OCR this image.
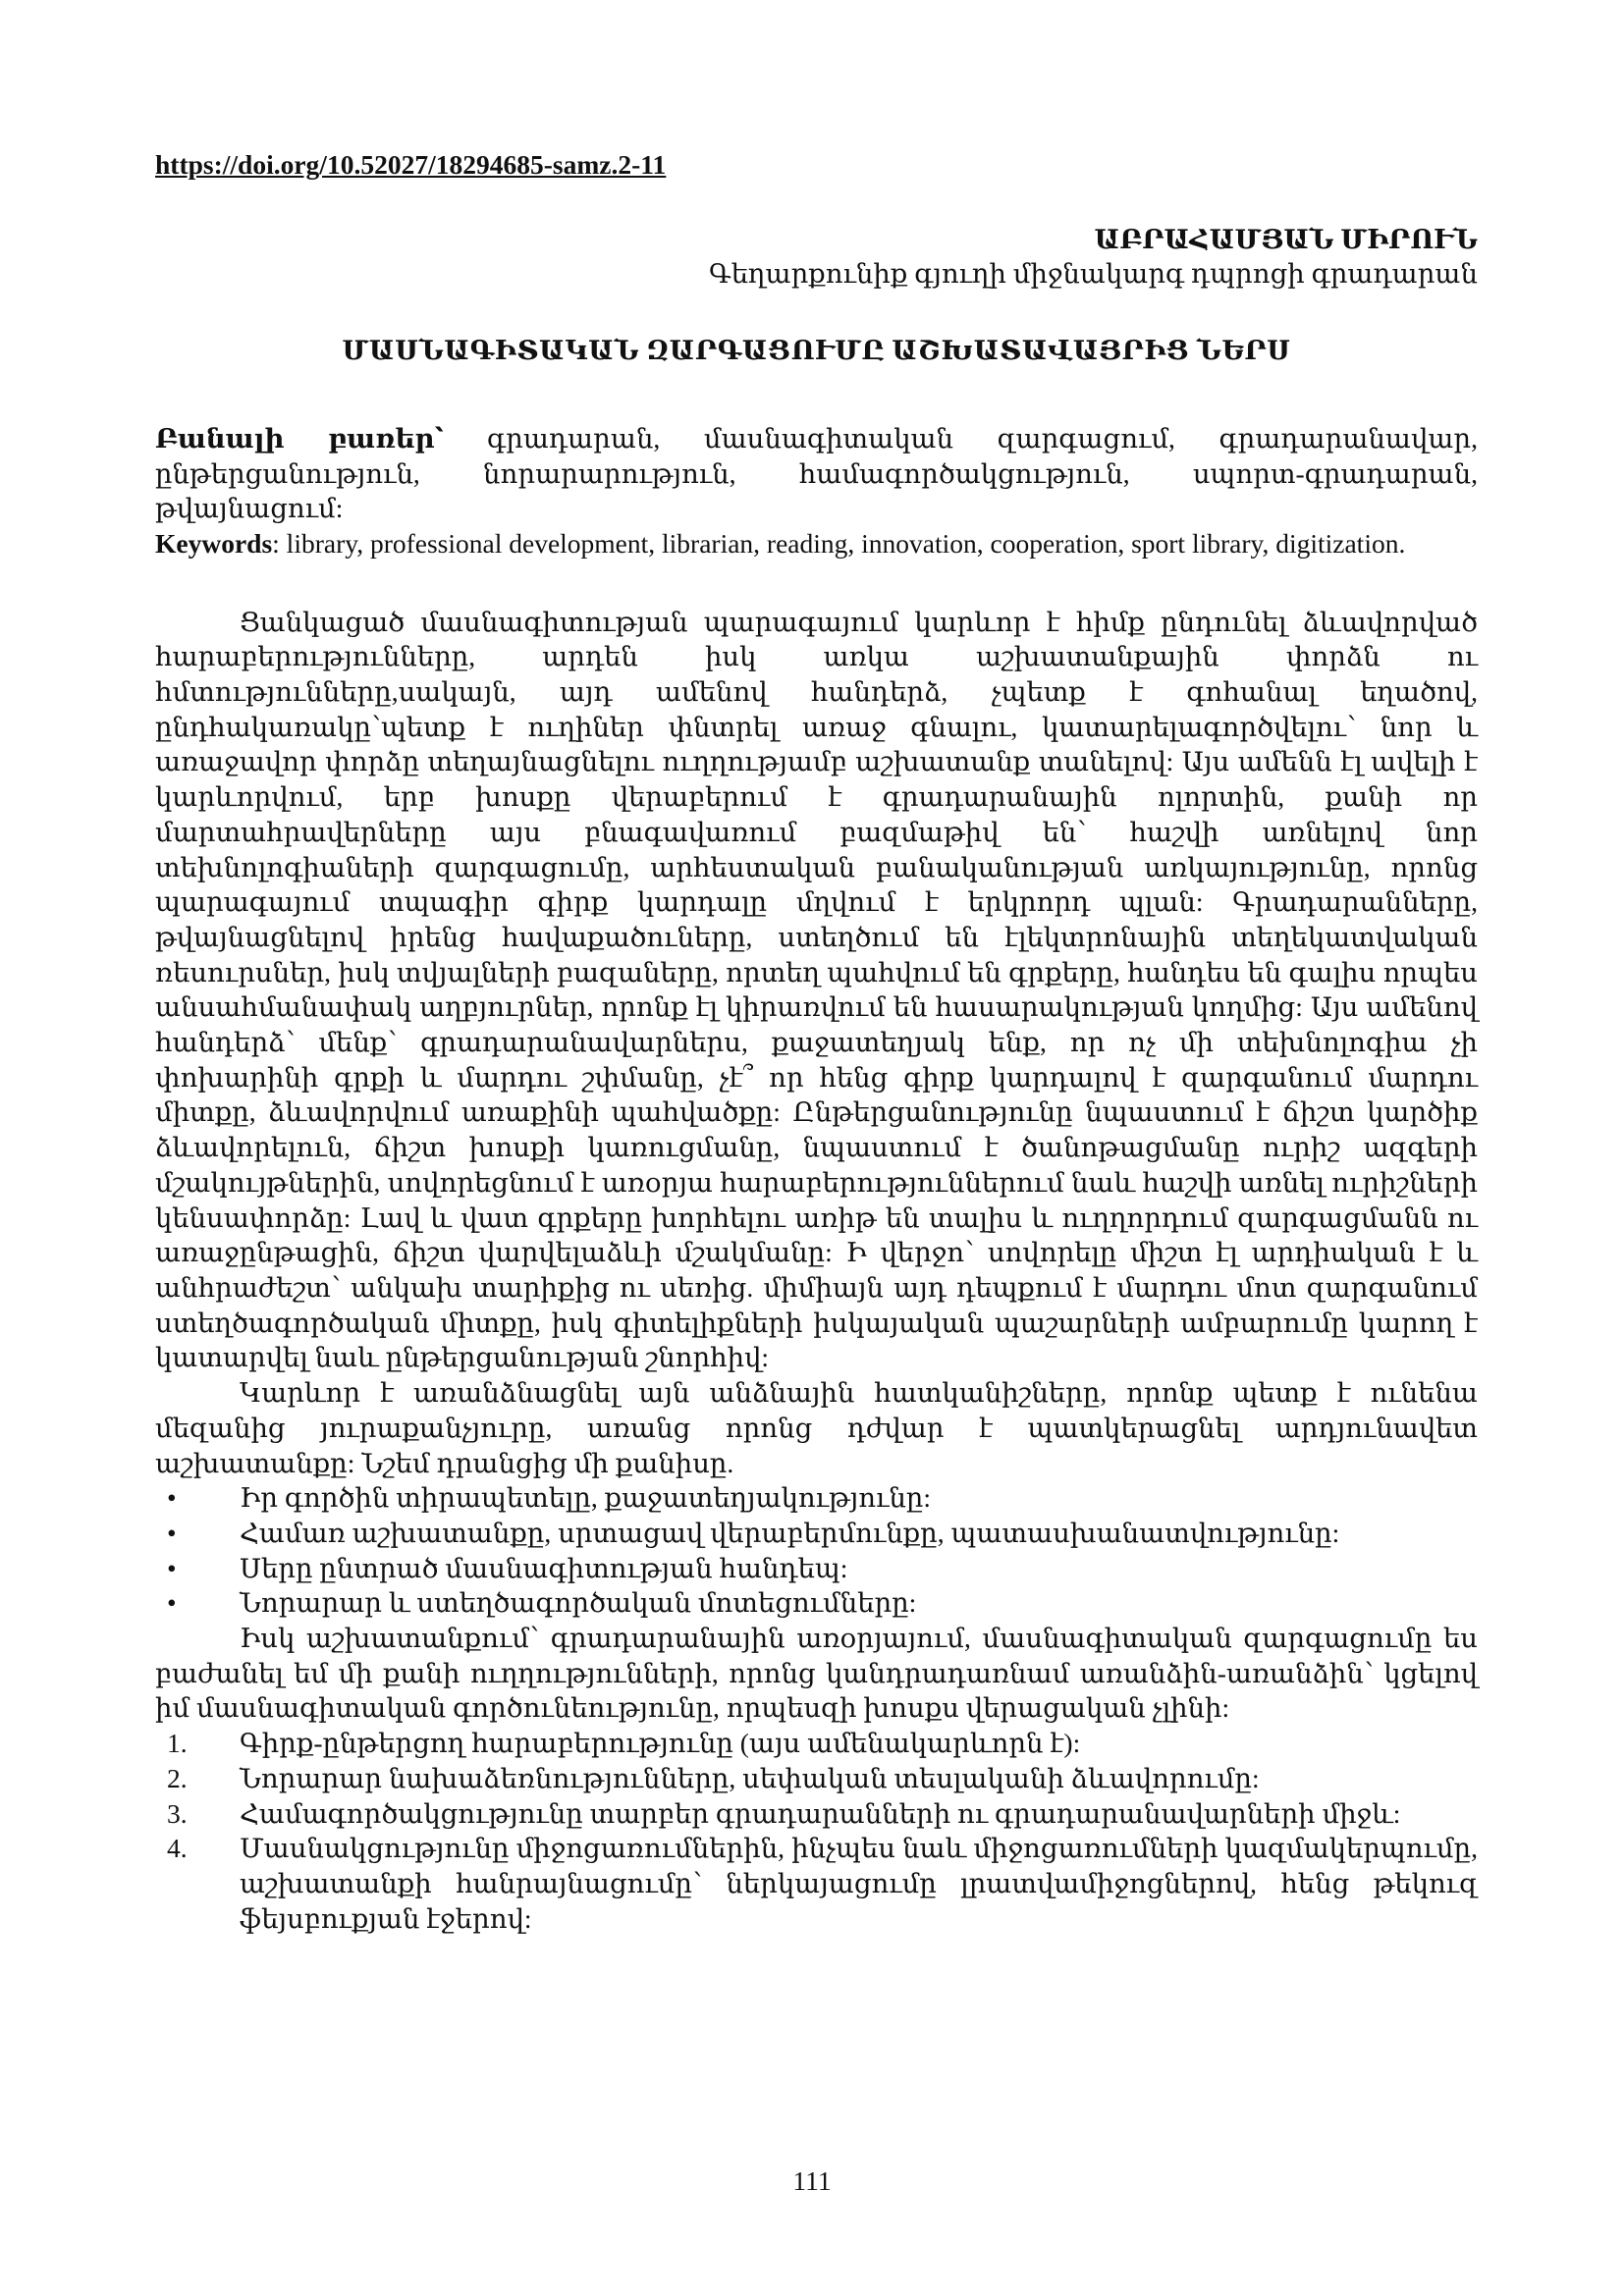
https://doi.org/10.52027/18294685-samz.2-11

ԱԲՐԱՀԱՄՅԱՆ ՄԻՐՈՒՆ

Գեղարքունիք գյուղի միջնակարգ դպրոցի գրադարան

ՄԱՍՆԱԳԻՏԱԿԱՆ ԶԱՐԳԱՑՈՒՄԸ ԱՇԽԱՏԱՎԱՅՐԻՑ ՆԵՐՍ

Բանալի բառեր՝ գրադարան, մասնագիտական զարգացում, գրադարանավար, ընթերցանություն, նորարարություն, համագործակցություն, սպորտ-գրադարան, թվայնացում:

Keywords: library, professional development, librarian, reading, innovation, cooperation, sport library, digitization.

Ցանկացած մասնագիտության պարագայում կարևոր է հիմք ընդունել ձևավորված հարաբերությունները, արդեն իսկ առկա աշխատանքային փորձն ու հմտությունները,սակայն, այդ ամենով հանդերձ, չպետք է գոհանալ եղածով, ընդհակառակը՝պետք է ուղիներ փնտրել առաջ գնալու, կատարելագործվելու՝ նոր և առաջավոր փորձը տեղայնացնելու ուղղությամբ աշխատանք տանելով: Այս ամենն էլ ավելի է կարևորվում, երբ խոսքը վերաբերում է գրադարանային ոլորտին, քանի որ մարտահրավերները այս բնագավառում բազմաթիվ են՝ հաշվի առնելով նոր տեխնոլոգիաների զարգացումը, արհեստական բանականության առկայությունը, որոնց պարագայում տպագիր գիրք կարդալը մղվում է երկրորդ պլան: Գրադարանները, թվայնացնելով իրենց հավաքածուները, ստեղծում են էլեկտրոնային տեղեկատվական ռեսուրսներ, իսկ տվյալների բազաները, որտեղ պահվում են գրքերը, հանդես են գալիս որպես անսահմանափակ աղբյուրներ, որոնք էլ կիրառվում են հասարակության կողմից: Այս ամենով հանդերձ՝ մենք՝ գրադարանավարներս, քաջատեղյակ ենք, որ ոչ մի տեխնոլոգիա չի փոխարինի գրքի և մարդու շփմանը, չէ՞ որ հենց գիրք կարդալով է զարգանում մարդու միտքը, ձևավորվում առաքինի պահվածքը: Ընթերցանությունը նպաստում է ճիշտ կարծիք ձևավորելուն, ճիշտ խոսքի կառուցմանը, նպաստում է ծանոթացմանը ուրիշ ազգերի մշակույթներին, սովորեցնում է առօրյա հարաբերություններում նաև հաշվի առնել ուրիշների կենսափորձը: Լավ և վատ գրքերը խորհելու առիթ են տալիս և ուղղորդում զարգացմանն ու առաջընթացին, ճիշտ վարվելաձևի մշակմանը: Ի վերջո՝ սովորելը միշտ էլ արդիական է և անհրաժեշտ՝ անկախ տարիքից ու սեռից. միմիայն այդ դեպքում է մարդու մոտ զարգանում ստեղծագործական միտքը, իսկ գիտելիքների իսկայական պաշարների ամբարումը կարող է կատարվել նաև ընթերցանության շնորհիվ:

Կարևոր է առանձնացնել այն անձնային հատկանիշները, որոնք պետք է ունենա մեզանից յուրաքանչյուրը, առանց որոնց դժվար է պատկերացնել արդյունավետ աշխատանքը: Նշեմ դրանցից մի քանիսը.

• Իր գործին տիրապետելը, քաջատեղյակությունը:
• Համառ աշխատանքը, սրտացավ վերաբերմունքը, պատասխանատվությունը:
• Սերը ընտրած մասնագիտության հանդեպ:
• Նորարար և ստեղծագործական մոտեցումները:

Իսկ աշխատանքում՝ գրադարանային առօրյայում, մասնագիտական զարգացումը ես բաժանել եմ մի քանի ուղղությունների, որոնց կանդրադառնամ առանձին-առանձին՝ կցելով իմ մասնագիտական գործունեությունը, որպեսզի խոսքս վերացական չլինի:

1. Գիրք-ընթերցող հարաբերությունը (այս ամենակարևորն է):
2. Նորարար նախաձեռնությունները, սեփական տեսլականի ձևավորումը:
3. Համագործակցությունը տարբեր գրադարանների ու գրադարանավարների միջև:
4. Մասնակցությունը միջոցառումներին, ինչպես նաև միջոցառումների կազմակերպումը, աշխատանքի հանրայնացումը՝ ներկայացումը լրատվամիջոցներով, հենց թեկուզ ֆեյսբուքյան էջերով:
111
